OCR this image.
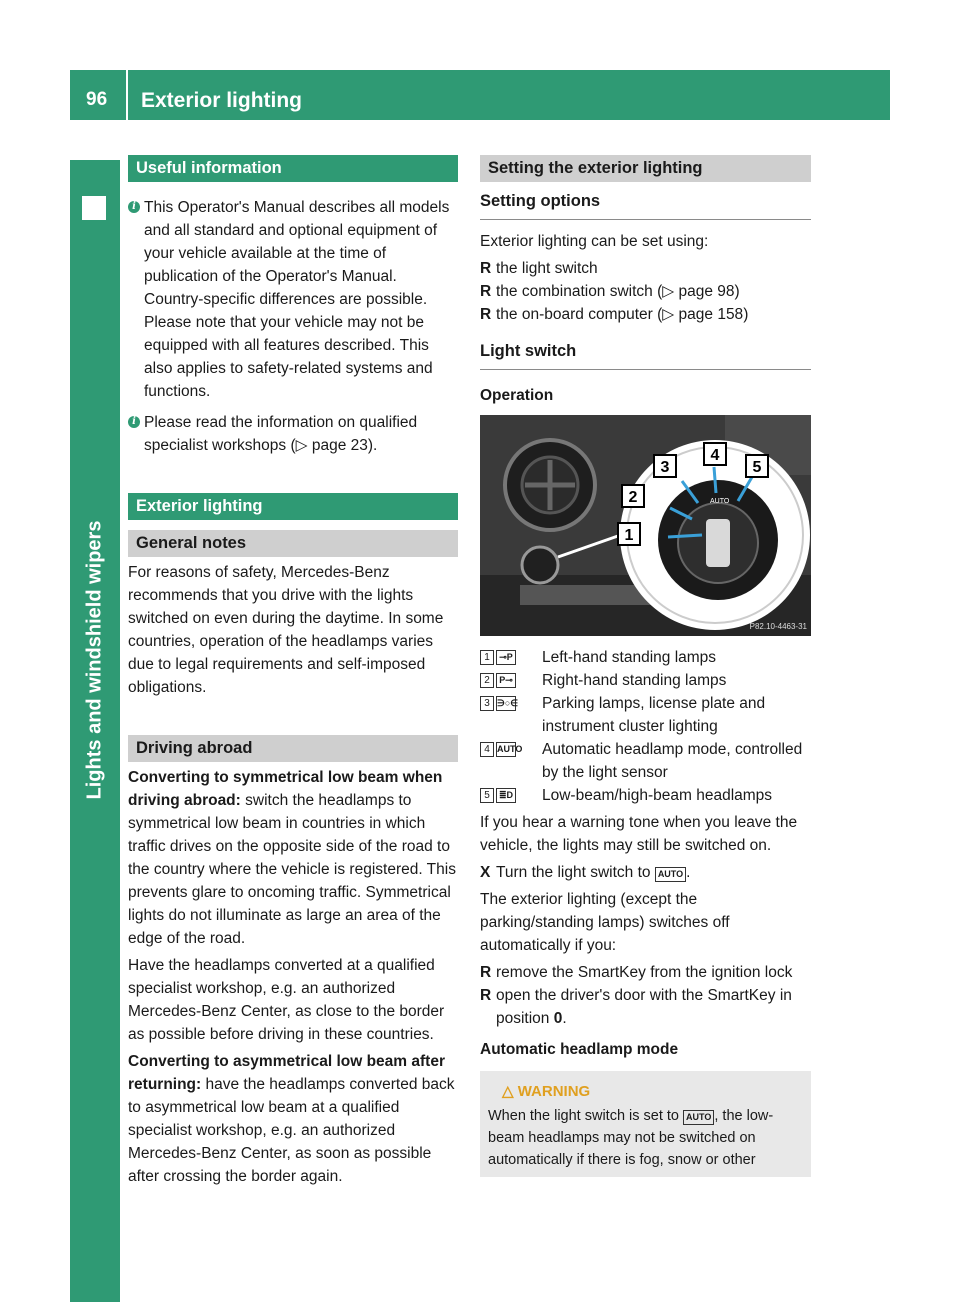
96 Exterior lighting
Lights and windshield wipers
Useful information

i This Operator's Manual describes all models and all standard and optional equipment of your vehicle available at the time of publication of the Operator's Manual. Country-specific differences are possible. Please note that your vehicle may not be equipped with all features described. This also applies to safety-related systems and functions.

i Please read the information on qualified specialist workshops (▷ page 23).

Exterior lighting
General notes

For reasons of safety, Mercedes-Benz recommends that you drive with the lights switched on even during the daytime. In some countries, operation of the headlamps varies due to legal requirements and self-imposed obligations.

Driving abroad

Converting to symmetrical low beam when driving abroad: switch the headlamps to symmetrical low beam in countries in which traffic drives on the opposite side of the road to the country where the vehicle is registered. This prevents glare to oncoming traffic. Symmetrical lights do not illuminate as large an area of the edge of the road.

Have the headlamps converted at a qualified specialist workshop, e.g. an authorized Mercedes-Benz Center, as close to the border as possible before driving in these countries.

Converting to asymmetrical low beam after returning: have the headlamps converted back to asymmetrical low beam at a qualified specialist workshop, e.g. an authorized Mercedes-Benz Center, as soon as possible after crossing the border again.

Setting the exterior lighting
Setting options

Exterior lighting can be set using:

R the light switch
R the combination switch (▷ page 98)
R the on-board computer (▷ page 158)
Light switch
Operation
AUTO
1
2
3
4
5
P82.10-4463-31
1	⊸P Left-hand standing lamps
2	P⊸ Right-hand standing lamps
3 ∋○∈ Parking lamps, license plate and instrument cluster lighting
4 AUTO Automatic headlamp mode, controlled by the light sensor
5	≣D Low-beam/high-beam headlamps

If you hear a warning tone when you leave the vehicle, the lights may still be switched on.

X Turn the light switch to AUTO .

The exterior lighting (except the parking/standing lamps) switches off automatically if you:

R remove the SmartKey from the ignition lock
R open the driver's door with the SmartKey in position 0.
Automatic headlamp mode
△ WARNING

When the light switch is set to AUTO , the low-beam headlamps may not be switched on automatically if there is fog, snow or other
